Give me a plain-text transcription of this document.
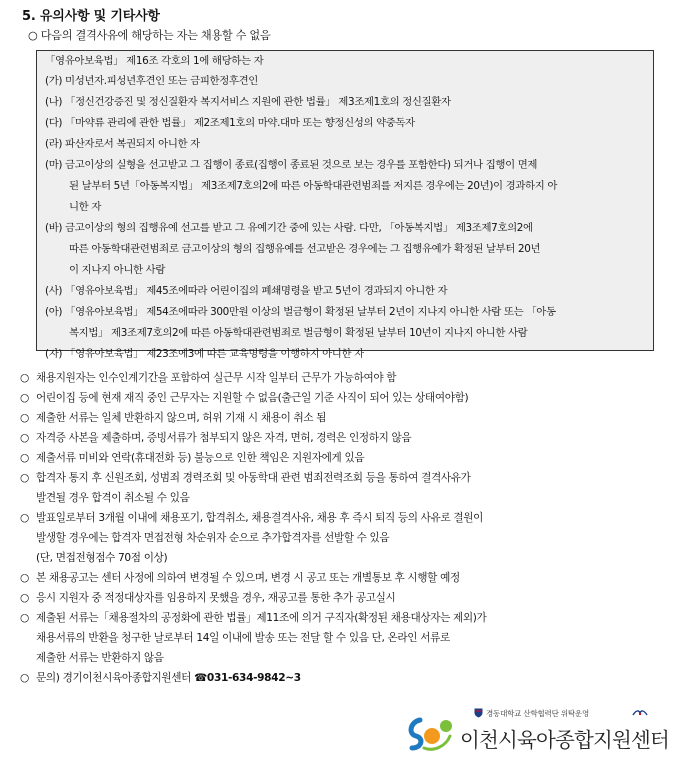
5. 유의사항 및 기타사항
○ 다음의 결격사유에 해당하는 자는 채용할 수 없음
「영유아보육법」 제16조 각호의 1에 해당하는 자
(가) 미성년자.피성년후견인 또는 금피한정후견인
(나) 「정신건강증진 및 정신질환자 복지서비스 지원에 관한 법률」 제3조제1호의 정신질환자
(다) 「마약류 관리에 관한 법률」 제2조제1호의 마약.대마 또는 향정신성의 약중독자
(라) 파산자로서 복권되지 아니한 자
(마) 금고이상의 실형을 선고받고 그 집행이 종료(집행이 종료된 것으로 보는 경우를 포함한다) 되거나 집행이 면제
된 날부터 5년「아동복지법」 제3조제7호의2에 따른 아동학대관련범죄를 저지른 경우에는 20년)이 경과하지 아
니한 자
(바) 금고이상의 형의 집행유예 선고를 받고 그 유예기간 중에 있는 사람. 다만, 「아동복지법」 제3조제7호의2에
따른 아동학대관련범죄로 금고이상의 형의 집행유예를 선고받은 경우에는 그 집행유예가 확정된 날부터 20년
이 지나지 아니한 사람
(사) 「영유아보육법」 제45조에따라 어린이집의 폐쇄명령을 받고 5년이 경과되지 아니한 자
(아) 「영유아보육법」 제54조에따라 300만원 이상의 벌금형이 확정된 날부터 2년이 지나지 아니한 사람 또는 「아동
복지법」 제3조제7호의2에 따른 아동학대관련범죄로 벌금형이 확정된 날부터 10년이 지나지 아니한 사람
(자) 「영유아보육법」 제23조에3에 따른 교육명령을 이행하지 아니한 자
○ 채용지원자는 인수인계기간을 포함하여 실근무 시작 일부터 근무가 가능하여야 함
○ 어린이집 등에 현재 재직 중인 근무자는 지원할 수 없음(출근일 기준 사직이 되어 있는 상태여야함)
○ 제출한 서류는 일체 반환하지 않으며, 허위 기재 시 채용이 취소 됨
○ 자격증 사본을 제출하며, 증빙서류가 첨부되지 않은 자격, 면허, 경력은 인정하지 않음
○ 제출서류 미비와 연락(휴대전화 등) 불능으로 인한 책임은 지원자에게 있음
○ 합격자 통지 후 신원조회, 성범죄 경력조회 및 아동학대 관련 범죄전력조회 등을 통하여 결격사유가
발견될 경우 합격이 취소될 수 있음
○ 발표일로부터 3개월 이내에 채용포기, 합격취소, 채용결격사유, 채용 후 즉시 퇴직 등의 사유로 결원이
발생할 경우에는 합격자 면접전형 차순위자 순으로 추가합격자를 선발할 수 있음
(단, 면접전형점수 70점 이상)
○ 본 채용공고는 센터 사정에 의하여 변경될 수 있으며, 변경 시 공고 또는 개별통보 후 시행할 예정
○ 응시 지원자 중 적정대상자를 임용하지 못했을 경우, 재공고를 통한 추가 공고실시
○ 제출된 서류는「채용절차의 공정화에 관한 법률」제11조에 의거 구직자(확정된 채용대상자는 제외)가
채용서류의 반환을 청구한 날로부터 14일 이내에 발송 또는 전달 할 수 있음 단, 온라인 서류로
제출한 서류는 반환하지 않음
○ 문의) 경기이천시육아종합지원센터 ☎031-634-9842~3
경동대학교 산학협력단 위탁운영
이천시육아종합지원센터
